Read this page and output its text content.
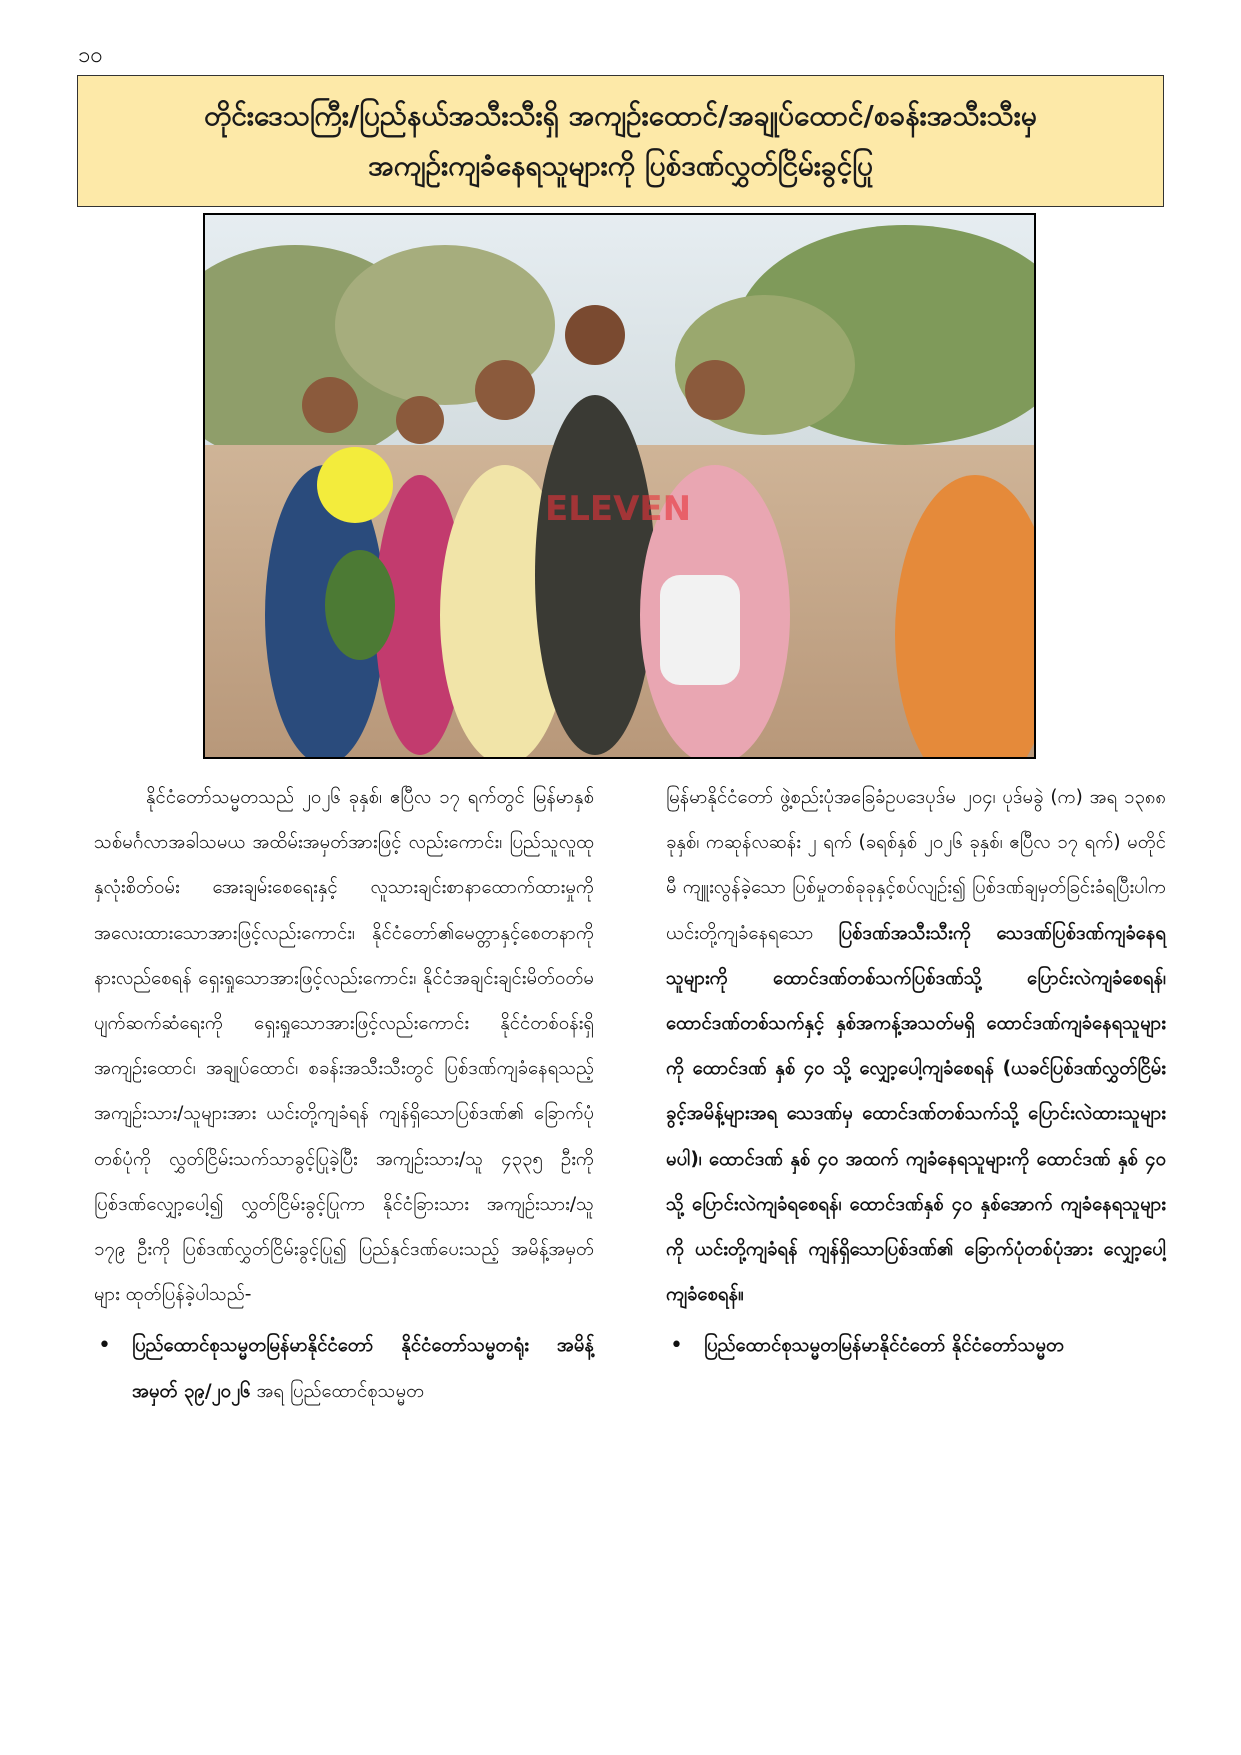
၁၀
တိုင်းဒေသကြီး/ပြည်နယ်အသီးသီးရှိ အကျဉ်းထောင်/အချုပ်ထောင်/စခန်းအသီးသီးမှ
အကျဉ်းကျခံနေရသူများကို ပြစ်ဒဏ်လွှတ်ငြိမ်းခွင့်ပြု
ELEVEN

နိုင်ငံတော်သမ္မတသည် ၂၀၂၆ ခုနှစ်၊ ဧပြီလ ၁၇ ရက်တွင် မြန်မာနှစ်သစ်မင်္ဂလာအခါသမယ အထိမ်းအမှတ်အားဖြင့် လည်းကောင်း၊ ပြည်သူလူထုနှလုံးစိတ်ဝမ်း အေးချမ်းစေရေးနှင့် လူသားချင်းစာနာထောက်ထားမှုကို အလေးထားသောအားဖြင့်လည်းကောင်း၊ နိုင်ငံတော်၏မေတ္တာနှင့်စေတနာကို နားလည်စေရန် ရှေးရှုသောအားဖြင့်လည်းကောင်း၊ နိုင်ငံအချင်းချင်းမိတ်ဝတ်မပျက်ဆက်ဆံရေးကို ရှေးရှုသောအားဖြင့်လည်းကောင်း နိုင်ငံတစ်ဝန်းရှိ အကျဉ်းထောင်၊ အချုပ်ထောင်၊ စခန်းအသီးသီးတွင် ပြစ်ဒဏ်ကျခံနေရသည့် အကျဉ်းသား/သူများအား ယင်းတို့ကျခံရန် ကျန်ရှိသောပြစ်ဒဏ်၏ ခြောက်ပုံတစ်ပုံကို လွှတ်ငြိမ်းသက်သာခွင့်ပြုခဲ့ပြီး အကျဉ်းသား/သူ ၄၃၃၅ ဦးကို ပြစ်ဒဏ်လျှော့ပေါ့၍ လွှတ်ငြိမ်းခွင့်ပြုကာ နိုင်ငံခြားသား အကျဉ်းသား/သူ ၁၇၉ ဦးကို ပြစ်ဒဏ်လွှတ်ငြိမ်းခွင့်ပြု၍ ပြည်နှင်ဒဏ်ပေးသည့် အမိန့်အမှတ်များ ထုတ်ပြန်ခဲ့ပါသည်-

• ပြည်ထောင်စုသမ္မတမြန်မာနိုင်ငံတော် နိုင်ငံတော်သမ္မတရုံး အမိန့်အမှတ် ၃၉/၂၀၂၆ အရ ပြည်ထောင်စုသမ္မတ

မြန်မာနိုင်ငံတော် ဖွဲ့စည်းပုံအခြေခံဥပဒေပုဒ်မ ၂၀၄၊ ပုဒ်မခွဲ (က) အရ ၁၃၈၈ ခုနှစ်၊ ကဆုန်လဆန်း ၂ ရက် (ခရစ်နှစ် ၂၀၂၆ ခုနှစ်၊ ဧပြီလ ၁၇ ရက်) မတိုင်မီ ကျူးလွန်ခဲ့သော ပြစ်မှုတစ်ခုခုနှင့်စပ်လျဉ်း၍ ပြစ်ဒဏ်ချမှတ်ခြင်းခံရပြီးပါက ယင်းတို့ကျခံနေရသော ပြစ်ဒဏ်အသီးသီးကို သေဒဏ်ပြစ်ဒဏ်ကျခံနေရသူများကို ထောင်ဒဏ်တစ်သက်ပြစ်ဒဏ်သို့ ပြောင်းလဲကျခံစေရန်၊ ထောင်ဒဏ်တစ်သက်နှင့် နှစ်အကန့်အသတ်မရှိ ထောင်ဒဏ်ကျခံနေရသူများကို ထောင်ဒဏ် နှစ် ၄၀ သို့ လျှော့ပေါ့ကျခံစေရန် (ယခင်ပြစ်ဒဏ်လွှတ်ငြိမ်းခွင့်အမိန့်များအရ သေဒဏ်မှ ထောင်ဒဏ်တစ်သက်သို့ ပြောင်းလဲထားသူများမပါ)၊ ထောင်ဒဏ် နှစ် ၄၀ အထက် ကျခံနေရသူများကို ထောင်ဒဏ် နှစ် ၄၀ သို့ ပြောင်းလဲကျခံရစေရန်၊ ထောင်ဒဏ်နှစ် ၄၀ နှစ်အောက် ကျခံနေရသူများကို ယင်းတို့ကျခံရန် ကျန်ရှိသောပြစ်ဒဏ်၏ ခြောက်ပုံတစ်ပုံအား လျှော့ပေါ့ကျခံစေရန်။

• ပြည်ထောင်စုသမ္မတမြန်မာနိုင်ငံတော် နိုင်ငံတော်သမ္မတ
